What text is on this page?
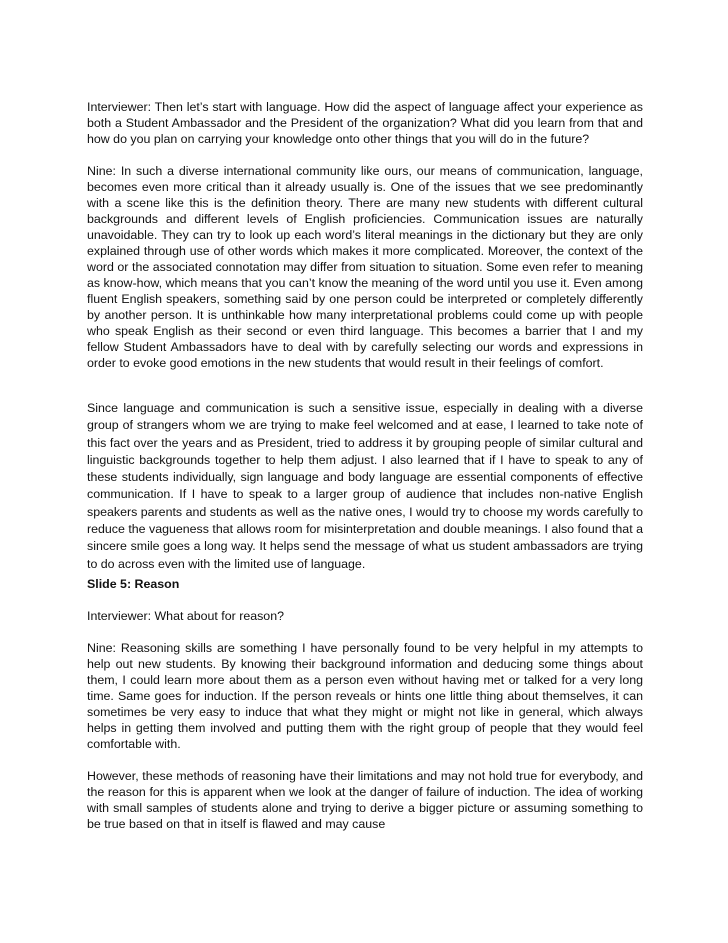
Interviewer: Then let’s start with language. How did the aspect of language affect your experience as both a Student Ambassador and the President of the organization? What did you learn from that and how do you plan on carrying your knowledge onto other things that you will do in the future?

Nine: In such a diverse international community like ours, our means of communication, language, becomes even more critical than it already usually is. One of the issues that we see predominantly with a scene like this is the definition theory. There are many new students with different cultural backgrounds and different levels of English proficiencies. Communication issues are naturally unavoidable. They can try to look up each word’s literal meanings in the dictionary but they are only explained through use of other words which makes it more complicated. Moreover, the context of the word or the associated connotation may differ from situation to situation. Some even refer to meaning as know-how, which means that you can’t know the meaning of the word until you use it. Even among fluent English speakers, something said by one person could be interpreted or completely differently by another person. It is unthinkable how many interpretational problems could come up with people who speak English as their second or even third language. This becomes a barrier that I and my fellow Student Ambassadors have to deal with by carefully selecting our words and expressions in order to evoke good emotions in the new students that would result in their feelings of comfort.

Since language and communication is such a sensitive issue, especially in dealing with a diverse group of strangers whom we are trying to make feel welcomed and at ease, I learned to take note of this fact over the years and as President, tried to address it by grouping people of similar cultural and linguistic backgrounds together to help them adjust. I also learned that if I have to speak to any of these students individually, sign language and body language are essential components of effective communication. If I have to speak to a larger group of audience that includes non-native English speakers parents and students as well as the native ones, I would try to choose my words carefully to reduce the vagueness that allows room for misinterpretation and double meanings. I also found that a sincere smile goes a long way. It helps send the message of what us student ambassadors are trying to do across even with the limited use of language.

Slide 5: Reason

Interviewer: What about for reason?

Nine: Reasoning skills are something I have personally found to be very helpful in my attempts to help out new students. By knowing their background information and deducing some things about them, I could learn more about them as a person even without having met or talked for a very long time. Same goes for induction. If the person reveals or hints one little thing about themselves, it can sometimes be very easy to induce that what they might or might not like in general, which always helps in getting them involved and putting them with the right group of people that they would feel comfortable with.

However, these methods of reasoning have their limitations and may not hold true for everybody, and the reason for this is apparent when we look at the danger of failure of induction. The idea of working with small samples of students alone and trying to derive a bigger picture or assuming something to be true based on that in itself is flawed and may cause
